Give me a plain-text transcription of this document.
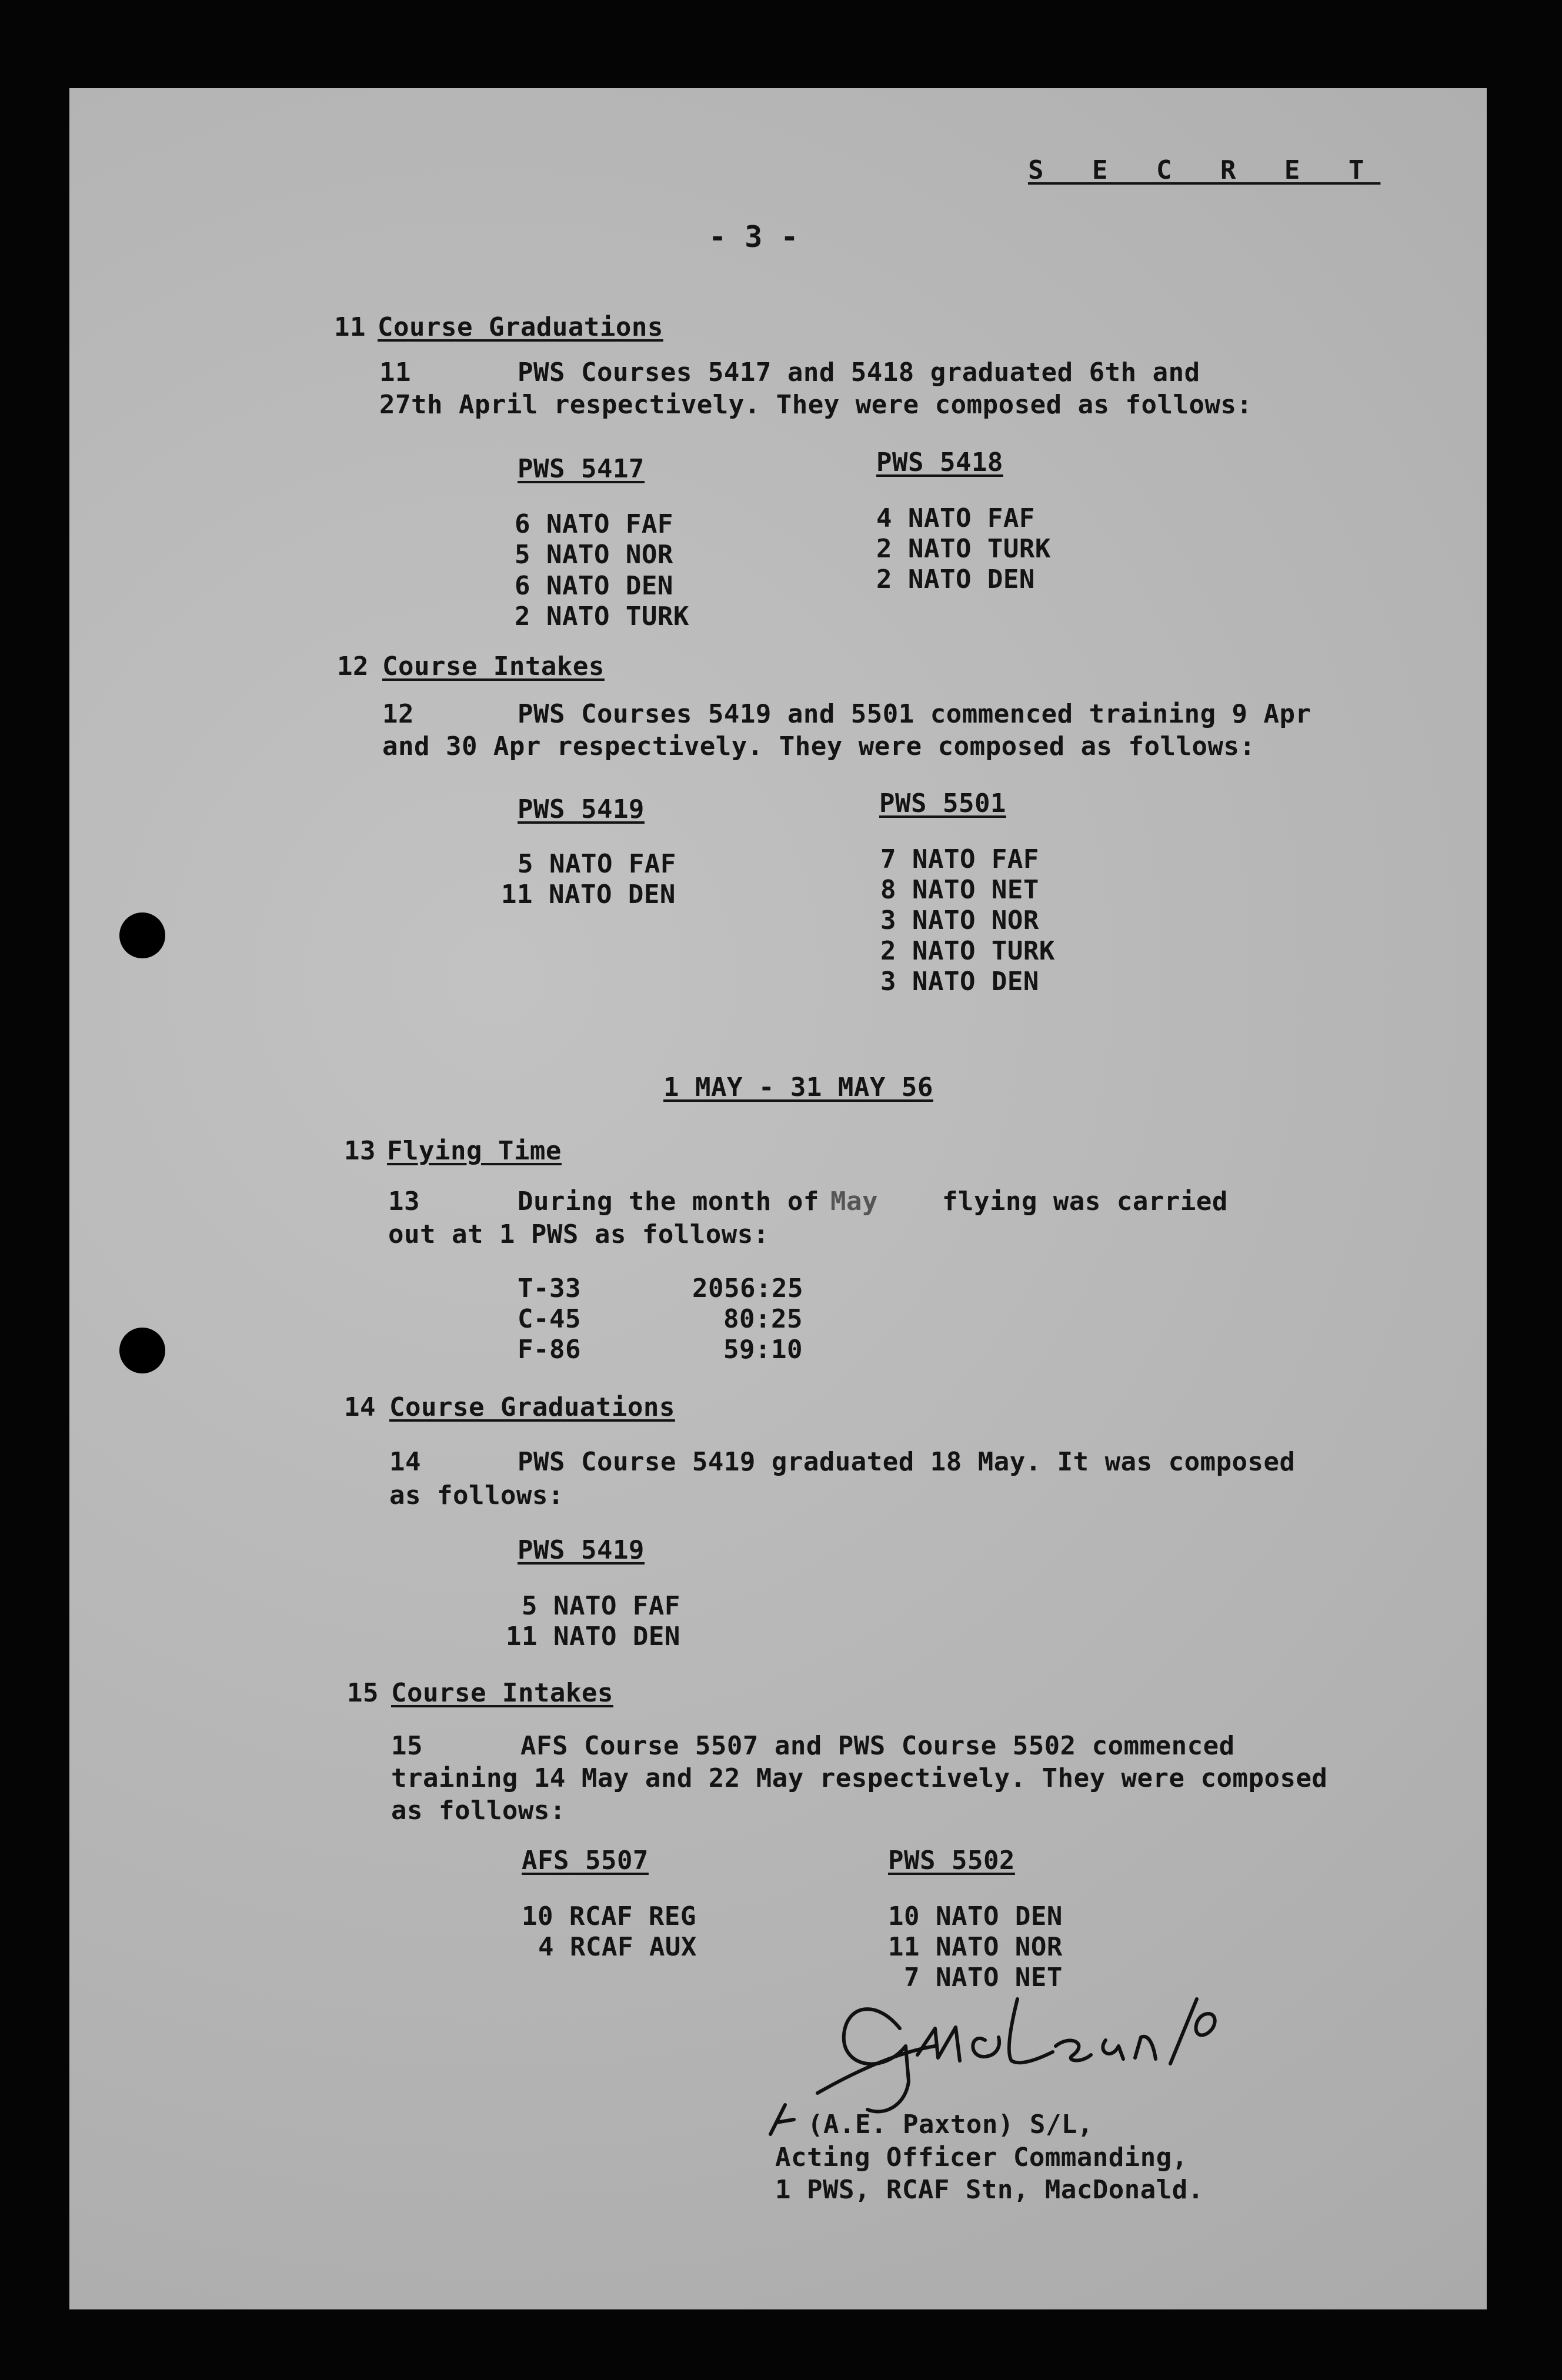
S E C R E T
- 3 -
11 Course Graduations
11	PWS Courses 5417 and 5418 graduated 6th and
27th April respectively. They were composed as follows:
PWS 5417
6 NATO FAF
5 NATO NOR
6 NATO DEN
2 NATO TURK
PWS 5418
4 NATO FAF
2 NATO TURK
2 NATO DEN
12 Course Intakes
12	PWS Courses 5419 and 5501 commenced training 9 Apr
and 30 Apr respectively. They were composed as follows:
PWS 5419
5 NATO FAF
11 NATO DEN
PWS 5501
7 NATO FAF
8 NATO NET
3 NATO NOR
2 NATO TURK
3 NATO DEN
1 MAY - 31 MAY 56
13 Flying Time
13	During the month of May flying was carried
out at 1 PWS as follows:
T-33	2056:25
C-45	80:25
F-86	59:10
14 Course Graduations
14	PWS Course 5419 graduated 18 May. It was composed
as follows:
PWS 5419
5 NATO FAF
11 NATO DEN
15 Course Intakes
15	AFS Course 5507 and PWS Course 5502 commenced
training 14 May and 22 May respectively. They were composed
as follows:
AFS 5507
10 RCAF REG
4 RCAF AUX
PWS 5502
10 NATO DEN
11 NATO NOR
7 NATO NET
(A.E. Paxton) S/L,
Acting Officer Commanding,
1 PWS, RCAF Stn, MacDonald.
